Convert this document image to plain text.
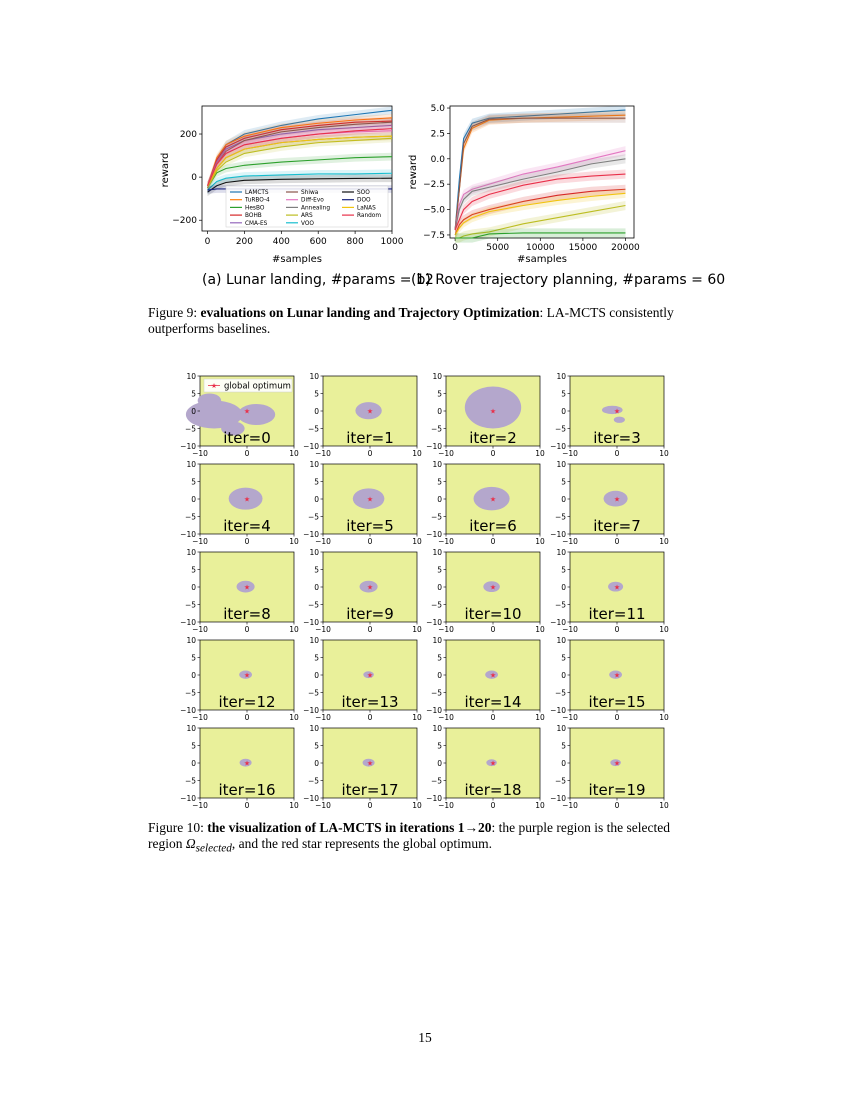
0	200 400 600 800 1000
200
0
−200
LAMCTS
TuRBO-4
HesBO
BOHB
CMA-ES
Shiwa
Diff-Evo
Annealing
ARS
VOO
SOO
DOO
LaNAS
Random
#samples
reward
0	5000 10000 15000 20000
5.0
2.5
0.0
−2.5
−5.0
−7.5
#samples
reward
(a) Lunar landing, #params = 12
(b) Rover trajectory planning, #params = 60
Figure 9: evaluations on Lunar landing and Trajectory Optimization: LA-MCTS consistently outperforms baselines.
★
10
5
0
−5
−10
−10	0	10
iter=0
★ global optimum
★
10
5
0
−5
−10
−10	0	10
iter=1
★
10
5
0
−5
−10
−10	0	10
iter=2
★
10
5
0
−5
−10
−10	0	10
iter=3
★
10
5
0
−5
−10
−10	0	10
iter=4
★
10
5
0
−5
−10
−10	0	10
iter=5
★
10
5
0
−5
−10
−10	0	10
iter=6
★
10
5
0
−5
−10
−10	0	10
iter=7
★
10
5
0
−5
−10
−10	0	10
iter=8
★
10
5
0
−5
−10
−10	0	10
iter=9
★
10
5
0
−5
−10
−10	0	10
iter=10
★
10
5
0
−5
−10
−10	0	10
iter=11
★
10
5
0
−5
−10
−10	0	10
iter=12
★
10
5
0
−5
−10
−10	0	10
iter=13
★
10
5
0
−5
−10
−10	0	10
iter=14
★
10
5
0
−5
−10
−10	0	10
iter=15
★
10
5
0
−5
−10
−10	0	10
iter=16
★
10
5
0
−5
−10
−10	0	10
iter=17
★
10
5
0
−5
−10
−10	0	10
iter=18
★
10
5
0
−5
−10
−10	0	10
iter=19
Figure 10: the visualization of LA-MCTS in iterations 1→20: the purple region is the selected region $\Omega_{selected}$, and the red star represents the global optimum.
15
